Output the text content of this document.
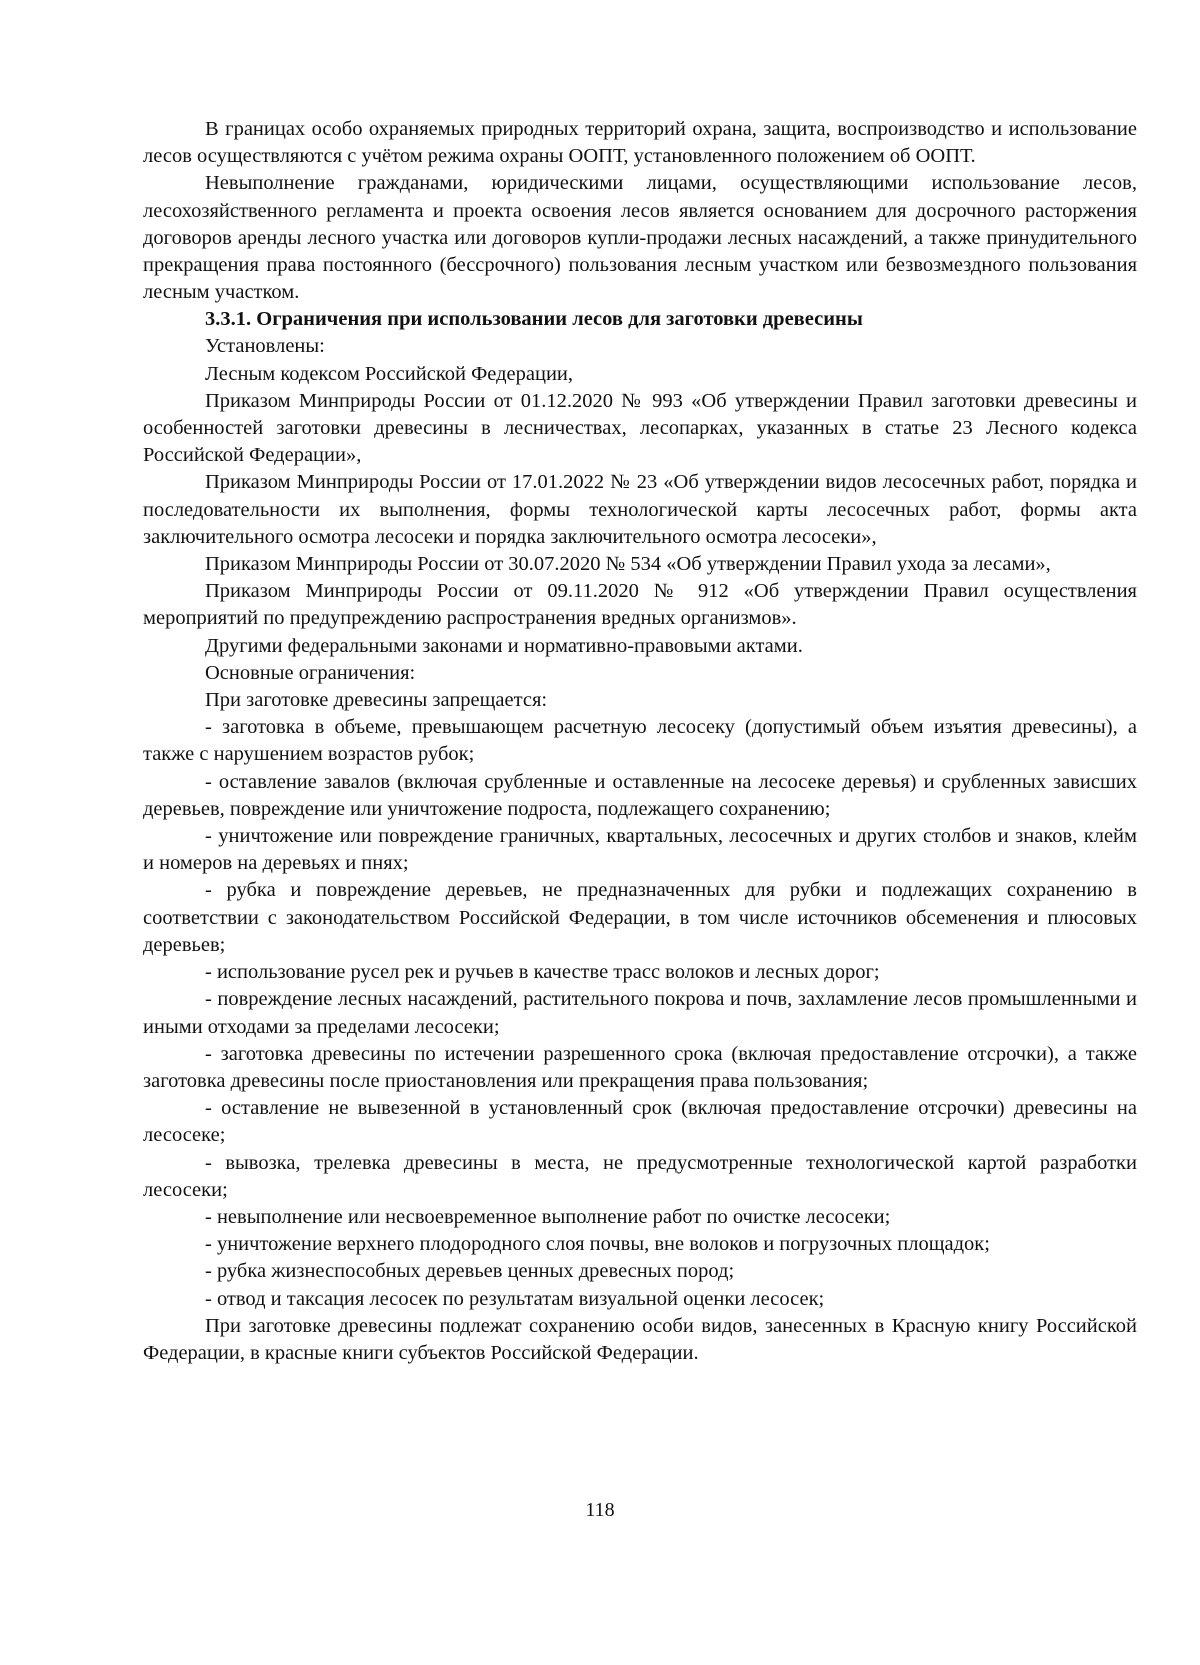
В границах особо охраняемых природных территорий охрана, защита, воспроизводство и использование лесов осуществляются с учётом режима охраны ООПТ, установленного положением об ООПТ.

Невыполнение гражданами, юридическими лицами, осуществляющими использование лесов, лесохозяйственного регламента и проекта освоения лесов является основанием для досрочного расторжения договоров аренды лесного участка или договоров купли-продажи лесных насаждений, а также принудительного прекращения права постоянного (бессрочного) пользования лесным участком или безвозмездного пользования лесным участком.

3.3.1. Ограничения при использовании лесов для заготовки древесины

Установлены:

Лесным кодексом Российской Федерации,

Приказом Минприроды России от 01.12.2020 № 993 «Об утверждении Правил заготовки древесины и особенностей заготовки древесины в лесничествах, лесопарках, указанных в статье 23 Лесного кодекса Российской Федерации»,

Приказом Минприроды России от 17.01.2022 № 23 «Об утверждении видов лесосечных работ, порядка и последовательности их выполнения, формы технологической карты лесосечных работ, формы акта заключительного осмотра лесосеки и порядка заключительного осмотра лесосеки»,

Приказом Минприроды России от 30.07.2020 № 534 «Об утверждении Правил ухода за лесами»,

Приказом Минприроды России от 09.11.2020 № 912 «Об утверждении Правил осуществления мероприятий по предупреждению распространения вредных организмов».

Другими федеральными законами и нормативно-правовыми актами.

Основные ограничения:

При заготовке древесины запрещается:

- заготовка в объеме, превышающем расчетную лесосеку (допустимый объем изъятия древесины), а также с нарушением возрастов рубок;

- оставление завалов (включая срубленные и оставленные на лесосеке деревья) и срубленных зависших деревьев, повреждение или уничтожение подроста, подлежащего сохранению;

- уничтожение или повреждение граничных, квартальных, лесосечных и других столбов и знаков, клейм и номеров на деревьях и пнях;

- рубка и повреждение деревьев, не предназначенных для рубки и подлежащих сохранению в соответствии с законодательством Российской Федерации, в том числе источников обсеменения и плюсовых деревьев;

- использование русел рек и ручьев в качестве трасс волоков и лесных дорог;

- повреждение лесных насаждений, растительного покрова и почв, захламление лесов промышленными и иными отходами за пределами лесосеки;

- заготовка древесины по истечении разрешенного срока (включая предоставление отсрочки), а также заготовка древесины после приостановления или прекращения права пользования;

- оставление не вывезенной в установленный срок (включая предоставление отсрочки) древесины на лесосеке;

- вывозка, трелевка древесины в места, не предусмотренные технологической картой разработки лесосеки;

- невыполнение или несвоевременное выполнение работ по очистке лесосеки;

- уничтожение верхнего плодородного слоя почвы, вне волоков и погрузочных площадок;

- рубка жизнеспособных деревьев ценных древесных пород;

- отвод и таксация лесосек по результатам визуальной оценки лесосек;

При заготовке древесины подлежат сохранению особи видов, занесенных в Красную книгу Российской Федерации, в красные книги субъектов Российской Федерации.

118
